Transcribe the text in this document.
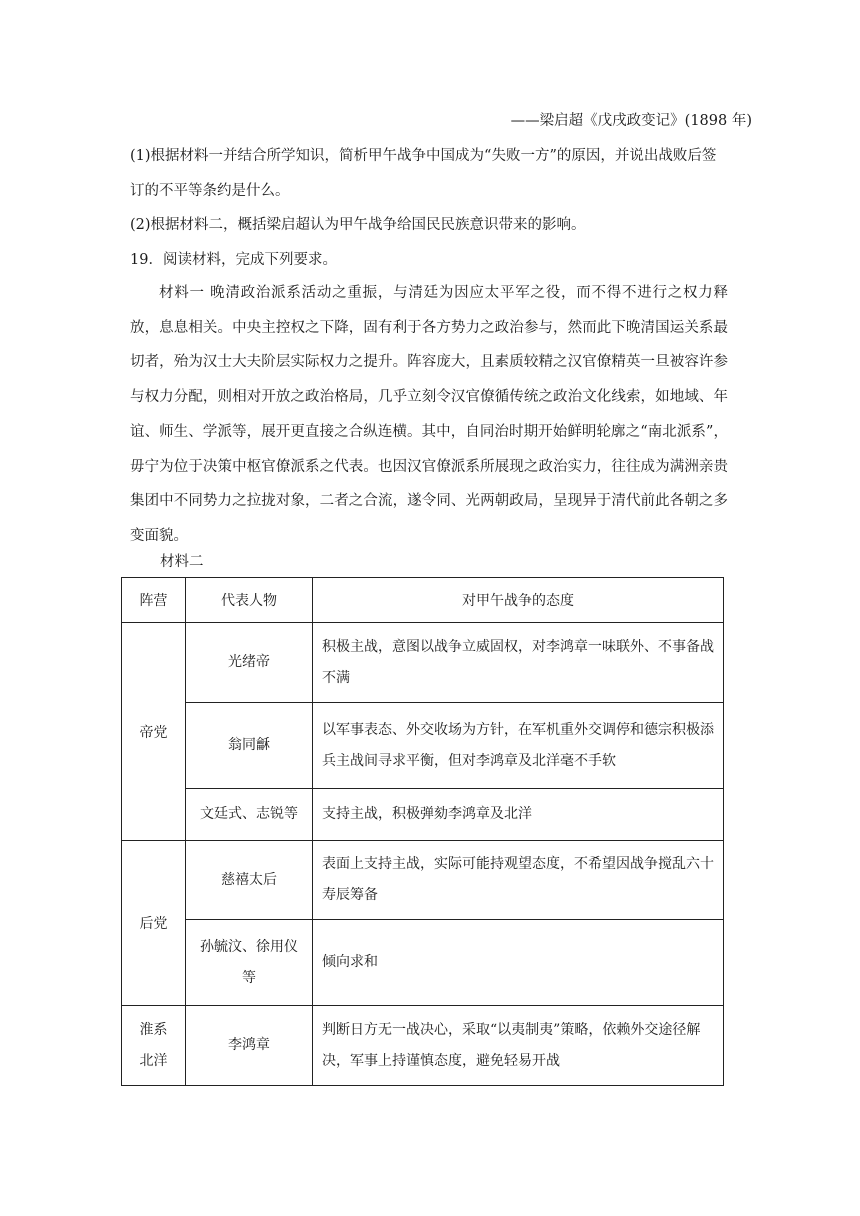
——梁启超《戊戌政变记》(1898 年)
(1)根据材料一并结合所学知识，简析甲午战争中国成为“失败一方”的原因，并说出战败后签
订的不平等条约是什么。
(2)根据材料二，概括梁启超认为甲午战争给国民民族意识带来的影响。
19．阅读材料，完成下列要求。

材料一 晚清政治派系活动之重振，与清廷为因应太平军之役，而不得不进行之权力释放，息息相关。中央主控权之下降，固有利于各方势力之政治参与，然而此下晚清国运关系最切者，殆为汉士大夫阶层实际权力之提升。阵容庞大，且素质较精之汉官僚精英一旦被容许参与权力分配，则相对开放之政治格局，几乎立刻令汉官僚循传统之政治文化线索，如地域、年谊、师生、学派等，展开更直接之合纵连横。其中，自同治时期开始鲜明轮廓之“南北派系”，毋宁为位于决策中枢官僚派系之代表。也因汉官僚派系所展现之政治实力，往往成为满洲亲贵集团中不同势力之拉拢对象，二者之合流，遂令同、光两朝政局，呈现异于清代前此各朝之多变面貌。

材料二
阵营	代表人物	对甲午战争的态度
帝党	光绪帝	积极主战，意图以战争立威固权，对李鸿章一味联外、不事备战不满
	翁同龢	以军事表态、外交收场为方针，在军机重外交调停和德宗积极添兵主战间寻求平衡，但对李鸿章及北洋毫不手软
	文廷式、志锐等	支持主战，积极弹劾李鸿章及北洋
后党	慈禧太后	表面上支持主战，实际可能持观望态度，不希望因战争搅乱六十寿辰筹备
	孙毓汶、徐用仪等	倾向求和
淮系北洋	李鸿章	判断日方无一战决心，采取“以夷制夷”策略，依赖外交途径解决，军事上持谨慎态度，避免轻易开战
